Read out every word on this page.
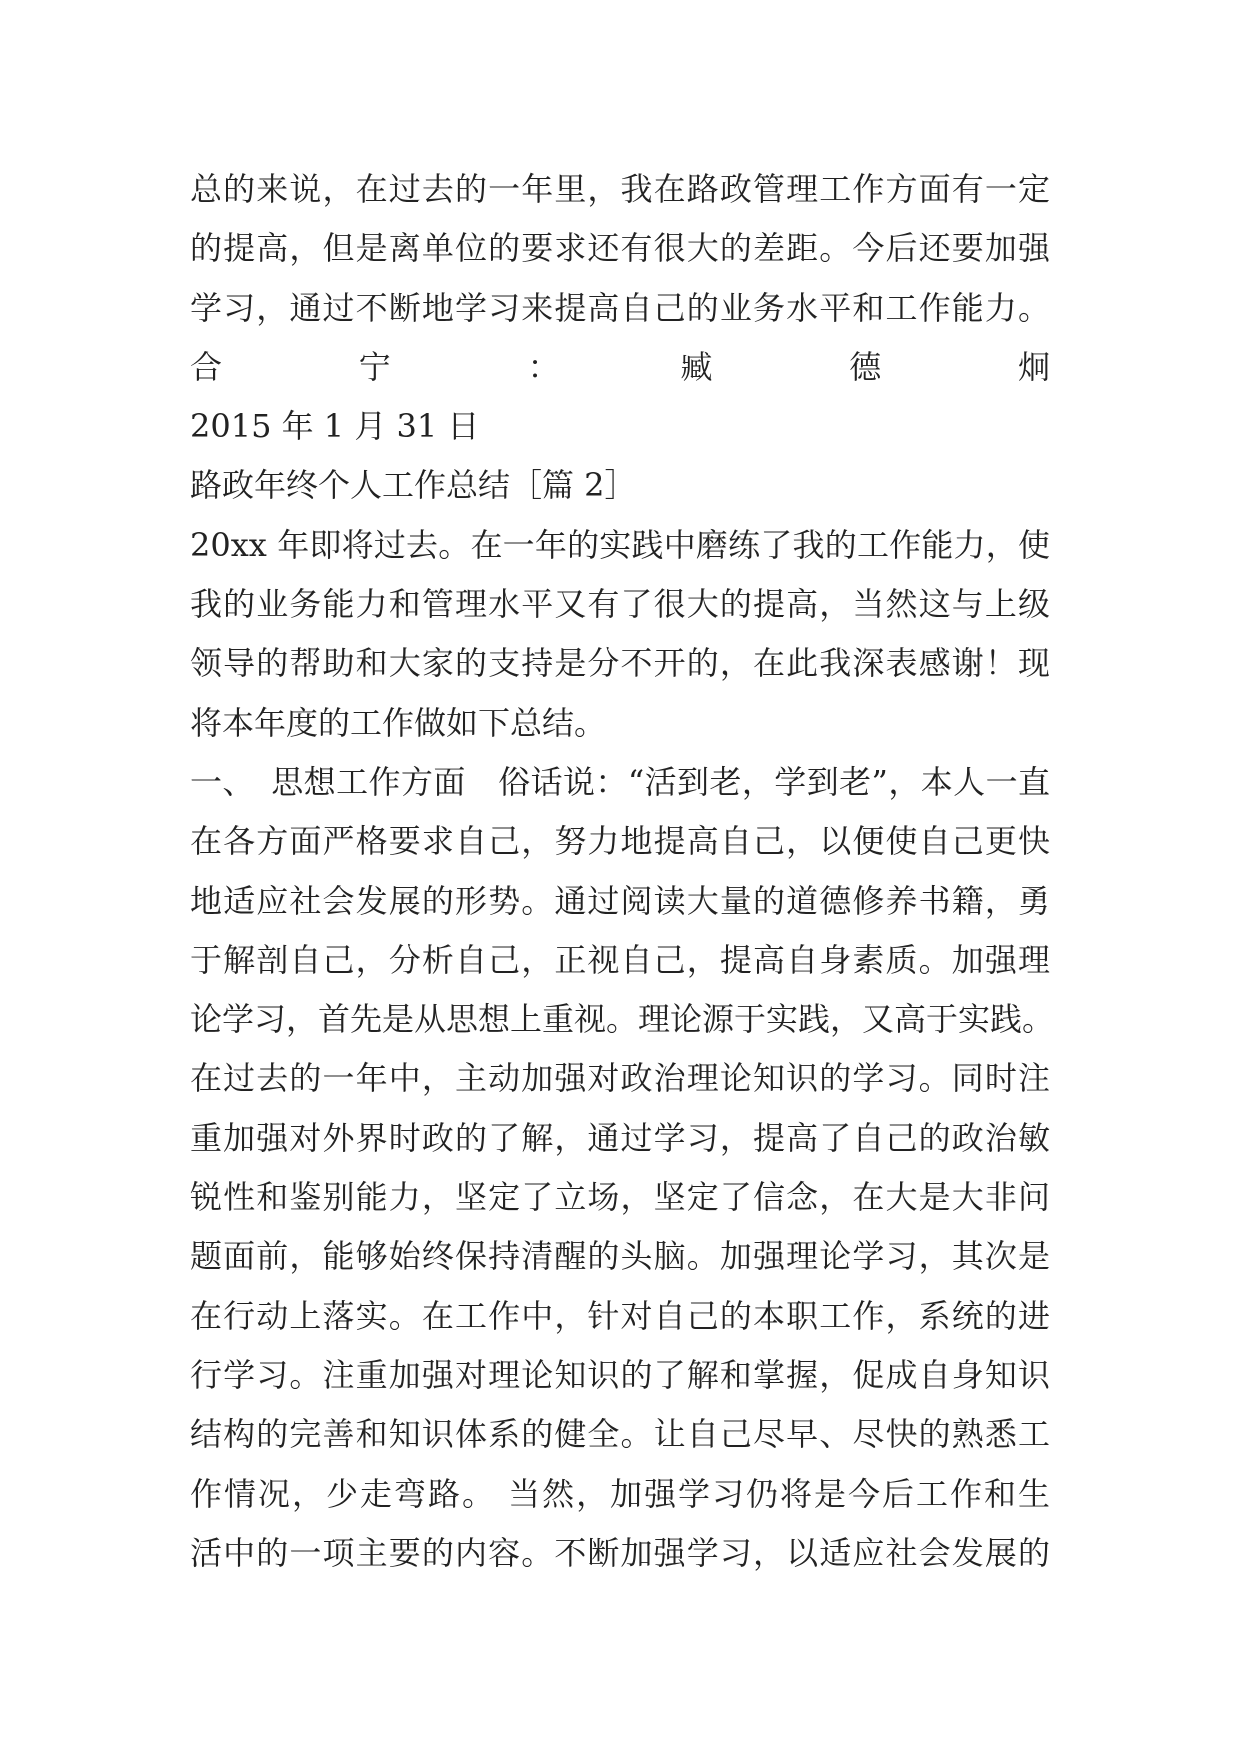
总的来说，在过去的一年里，我在路政管理工作方面有一定
的提高，但是离单位的要求还有很大的差距。今后还要加强
学习，通过不断地学习来提高自己的业务水平和工作能力。
合　　　　宁　　　　：　　　　臧　　　　德　　　　炯
2015 年 1 月 31 日
路政年终个人工作总结［篇 2］
20xx 年即将过去。在一年的实践中磨练了我的工作能力，使
我的业务能力和管理水平又有了很大的提高，当然这与上级
领导的帮助和大家的支持是分不开的，在此我深表感谢！现
将本年度的工作做如下总结。
一、　思想工作方面　俗话说：“活到老，学到老”，本人一直
在各方面严格要求自己，努力地提高自己，以便使自己更快
地适应社会发展的形势。通过阅读大量的道德修养书籍，勇
于解剖自己，分析自己，正视自己，提高自身素质。加强理
论学习，首先是从思想上重视。理论源于实践，又高于实践。
在过去的一年中，主动加强对政治理论知识的学习。同时注
重加强对外界时政的了解，通过学习，提高了自己的政治敏
锐性和鉴别能力，坚定了立场，坚定了信念，在大是大非问
题面前，能够始终保持清醒的头脑。加强理论学习，其次是
在行动上落实。在工作中，针对自己的本职工作，系统的进
行学习。注重加强对理论知识的了解和掌握，促成自身知识
结构的完善和知识体系的健全。让自己尽早、尽快的熟悉工
作情况，少走弯路。 当然，加强学习仍将是今后工作和生
活中的一项主要的内容。不断加强学习，以适应社会发展的
